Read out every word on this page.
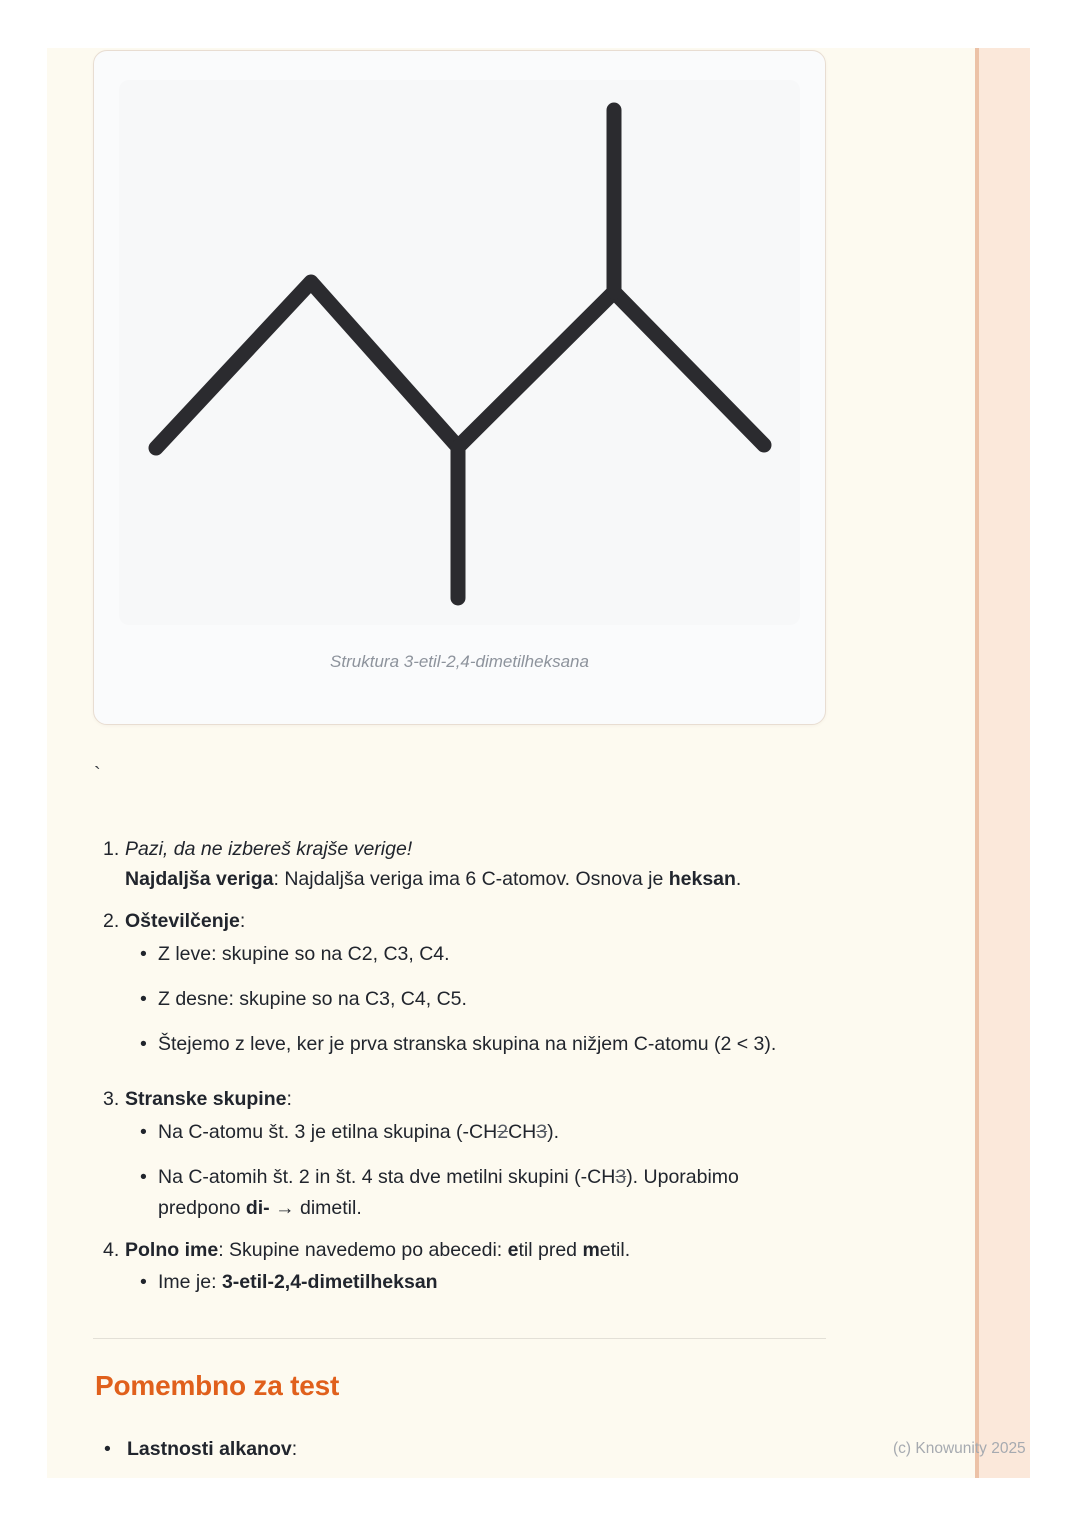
Struktura 3-etil-2,4-dimetilheksana
`
1. Pazi, da ne izbereš krajše verige!
Najdaljša veriga: Najdaljša veriga ima 6 C-atomov. Osnova je heksan.
2. Oštevilčenje:
• Z leve: skupine so na C2, C3, C4.
• Z desne: skupine so na C3, C4, C5.
• Štejemo z leve, ker je prva stranska skupina na nižjem C-atomu (2 < 3).
3. Stranske skupine:
• Na C-atomu št. 3 je etilna skupina (-CH2CH3).
• Na C-atomih št. 2 in št. 4 sta dve metilni skupini (-CH3). Uporabimo
predpono di- → dimetil.
4. Polno ime: Skupine navedemo po abecedi: etil pred metil.
• Ime je: 3-etil-2,4-dimetilheksan
Pomembno za test
• Lastnosti alkanov:	(c) Knowunity 2025
